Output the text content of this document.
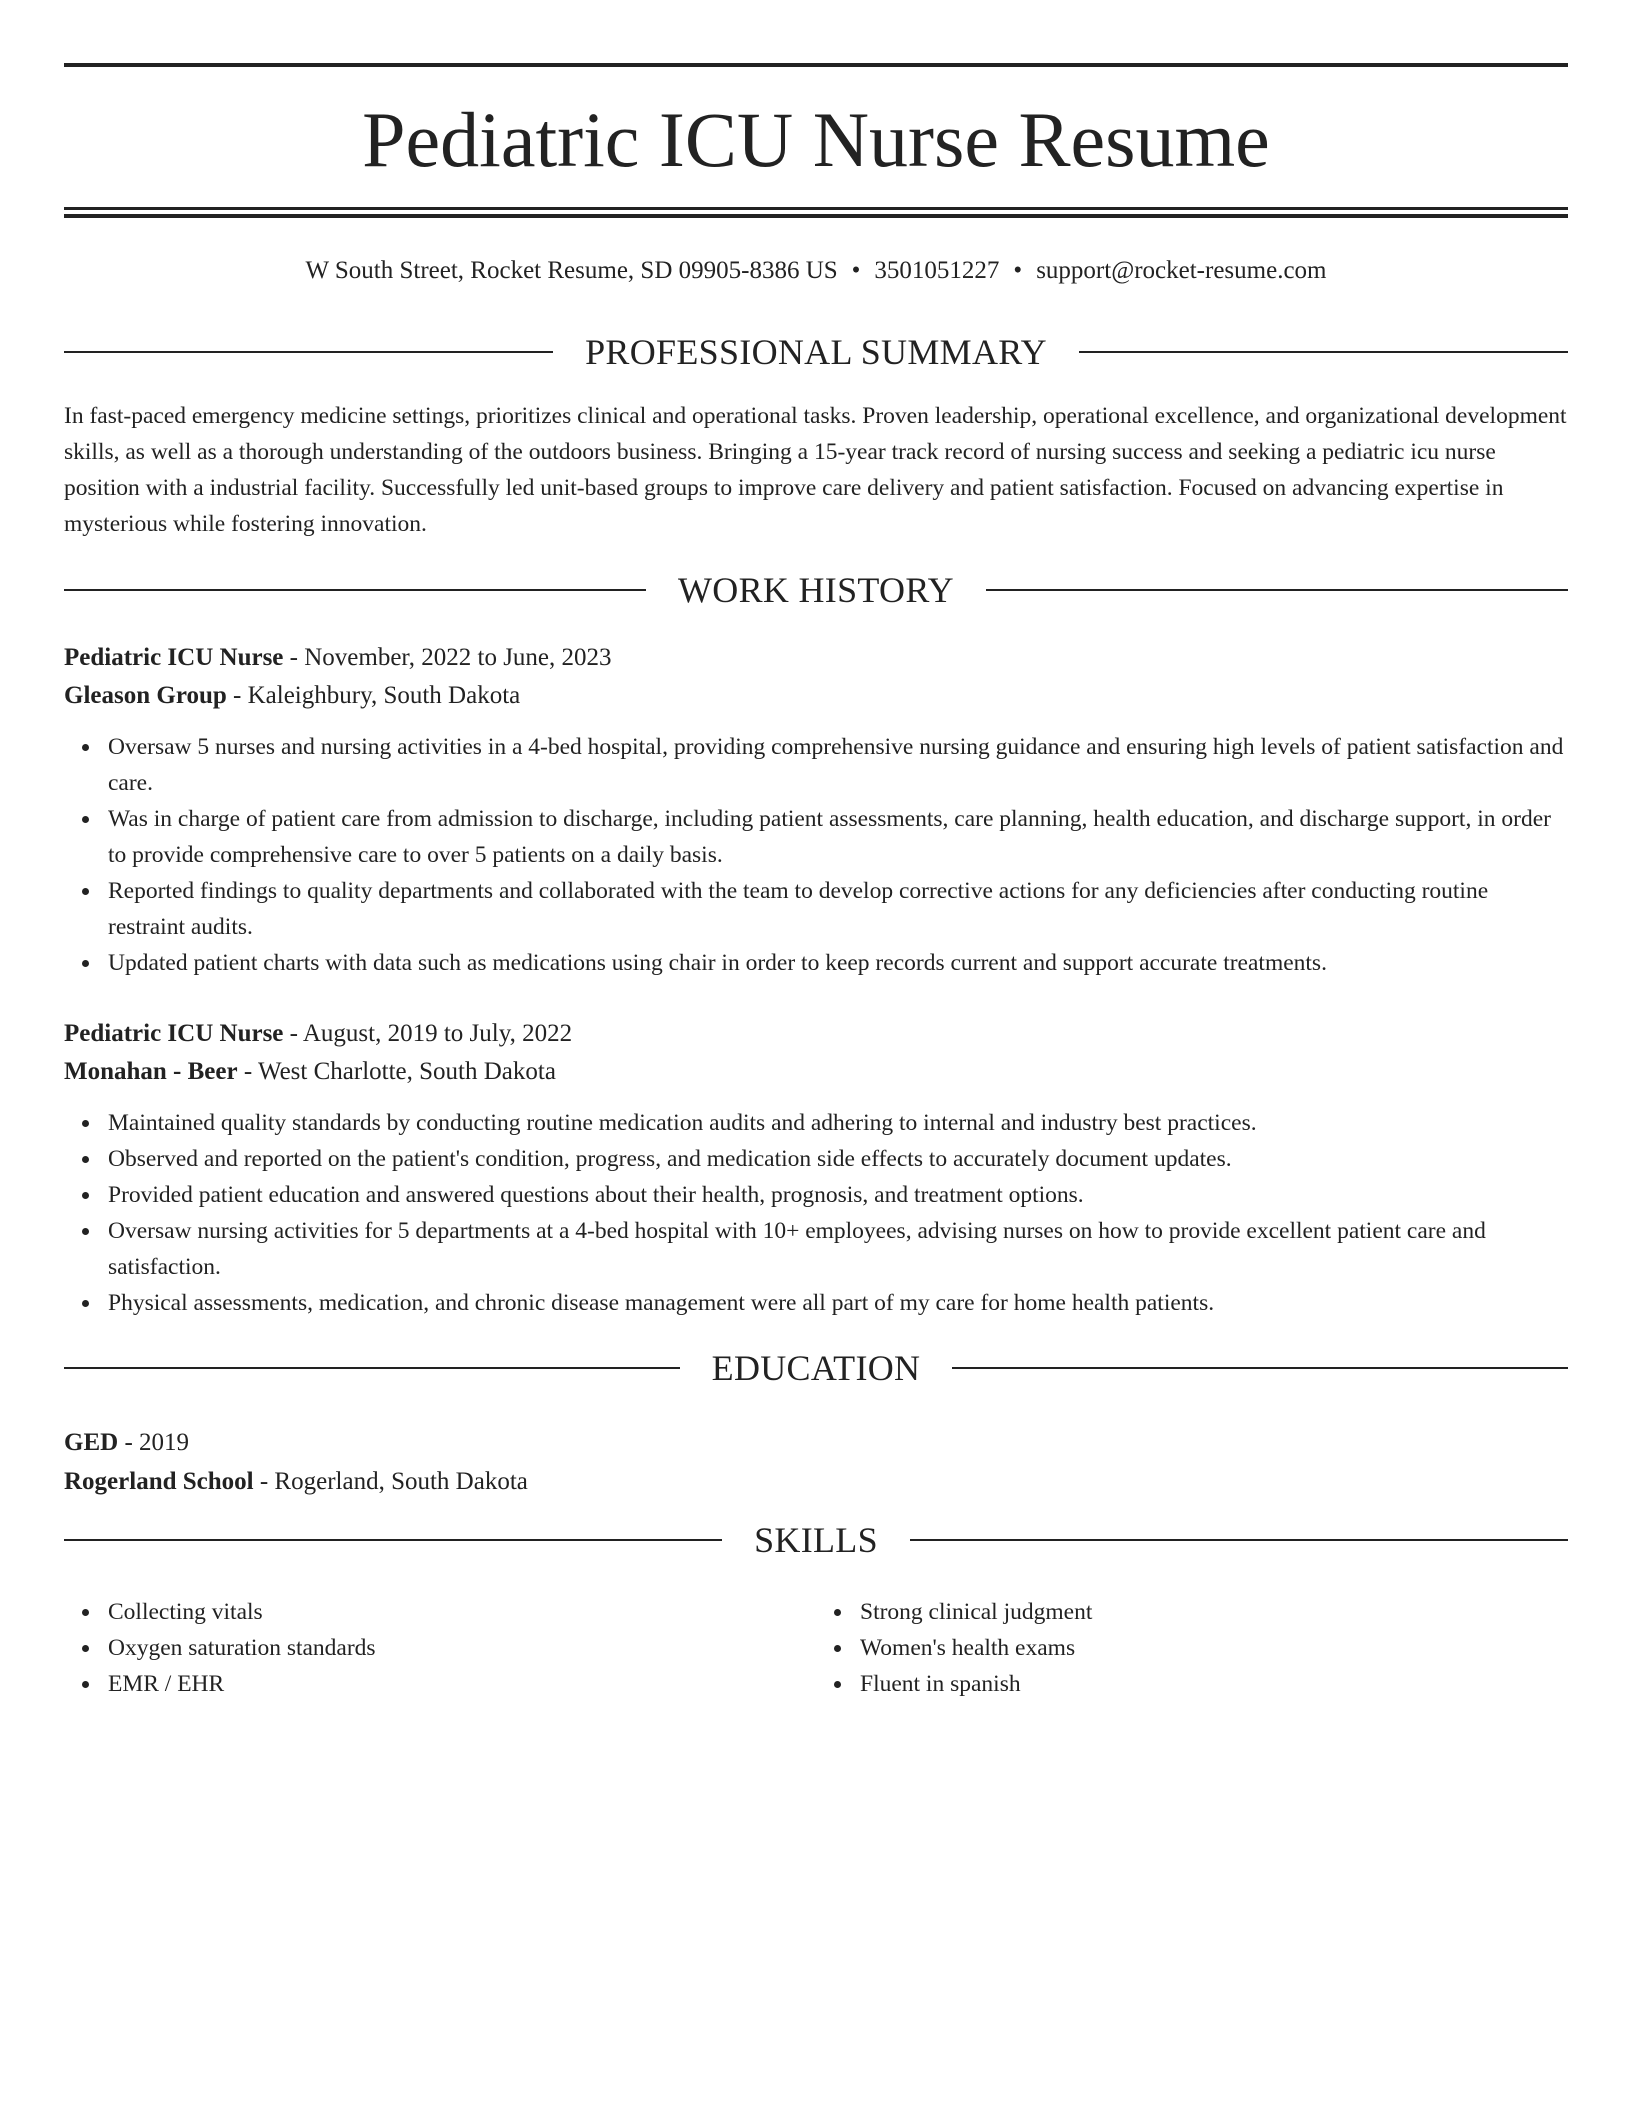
Pediatric ICU Nurse Resume
W South Street, Rocket Resume, SD 09905-8386 US • 3501051227 • support@rocket-resume.com
PROFESSIONAL SUMMARY

In fast-paced emergency medicine settings, prioritizes clinical and operational tasks. Proven leadership, operational excellence, and organizational development skills, as well as a thorough understanding of the outdoors business. Bringing a 15-year track record of nursing success and seeking a pediatric icu nurse position with a industrial facility. Successfully led unit-based groups to improve care delivery and patient satisfaction. Focused on advancing expertise in mysterious while fostering innovation.

WORK HISTORY
Pediatric ICU Nurse - November, 2022 to June, 2023
Gleason Group - Kaleighbury, South Dakota
Oversaw 5 nurses and nursing activities in a 4-bed hospital, providing comprehensive nursing guidance and ensuring high levels of patient satisfaction and care.
Was in charge of patient care from admission to discharge, including patient assessments, care planning, health education, and discharge support, in order to provide comprehensive care to over 5 patients on a daily basis.
Reported findings to quality departments and collaborated with the team to develop corrective actions for any deficiencies after conducting routine restraint audits.
Updated patient charts with data such as medications using chair in order to keep records current and support accurate treatments.
Pediatric ICU Nurse - August, 2019 to July, 2022
Monahan - Beer - West Charlotte, South Dakota
Maintained quality standards by conducting routine medication audits and adhering to internal and industry best practices.
Observed and reported on the patient's condition, progress, and medication side effects to accurately document updates.
Provided patient education and answered questions about their health, prognosis, and treatment options.
Oversaw nursing activities for 5 departments at a 4-bed hospital with 10+ employees, advising nurses on how to provide excellent patient care and satisfaction.
Physical assessments, medication, and chronic disease management were all part of my care for home health patients.
EDUCATION
GED - 2019
Rogerland School - Rogerland, South Dakota
SKILLS
Collecting vitals
Oxygen saturation standards
EMR / EHR
Strong clinical judgment
Women's health exams
Fluent in spanish
